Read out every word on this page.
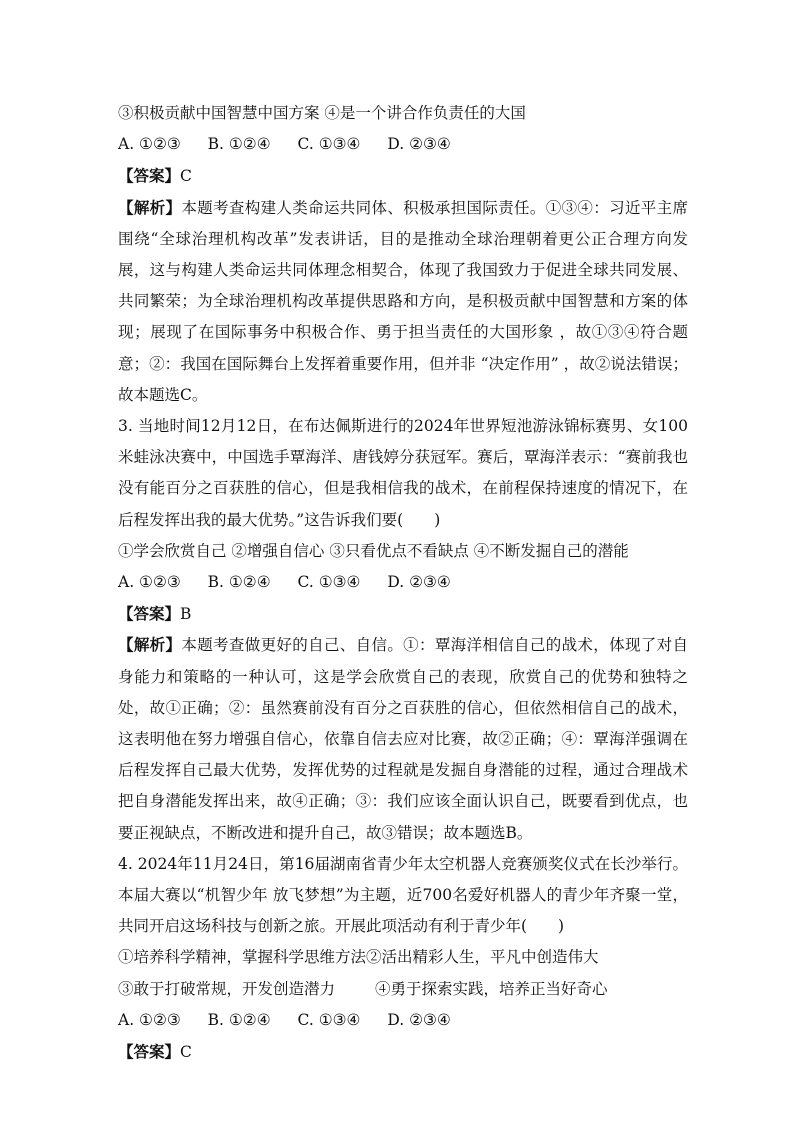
③积极贡献中国智慧中国方案 ④是一个讲合作负责任的大国
A. ①②③ B. ①②④ C. ①③④ D. ②③④
【答案】C
【解析】本题考查构建人类命运共同体、积极承担国际责任。①③④：习近平主席围绕“全球治理机构改革”发表讲话，目的是推动全球治理朝着更公正合理方向发展，这与构建人类命运共同体理念相契合，体现了我国致力于促进全球共同发展、共同繁荣；为全球治理机构改革提供思路和方向，是积极贡献中国智慧和方案的体现；展现了在国际事务中积极合作、勇于担当责任的大国形象 ，故①③④符合题意；②：我国在国际舞台上发挥着重要作用，但并非 “决定作用” ，故②说法错误；故本题选C。
3. 当地时间12月12日，在布达佩斯进行的2024年世界短池游泳锦标赛男、女100 米蛙泳决赛中，中国选手覃海洋、唐钱婷分获冠军。赛后，覃海洋表示：“赛前我也没有能百分之百获胜的信心，但是我相信我的战术，在前程保持速度的情况下，在后程发挥出我的最大优势。”这告诉我们要(　　)
①学会欣赏自己 ②增强自信心 ③只看优点不看缺点 ④不断发掘自己的潜能
A. ①②③ B. ①②④ C. ①③④ D. ②③④
【答案】B
【解析】本题考查做更好的自己、自信。①：覃海洋相信自己的战术，体现了对自身能力和策略的一种认可，这是学会欣赏自己的表现，欣赏自己的优势和独特之处，故①正确；②：虽然赛前没有百分之百获胜的信心，但依然相信自己的战术，这表明他在努力增强自信心，依靠自信去应对比赛，故②正确；④：覃海洋强调在后程发挥自己最大优势，发挥优势的过程就是发掘自身潜能的过程，通过合理战术把自身潜能发挥出来，故④正确；③：我们应该全面认识自己，既要看到优点，也要正视缺点，不断改进和提升自己，故③错误；故本题选B。
4. 2024年11月24日，第16届湖南省青少年太空机器人竞赛颁奖仪式在长沙举行。本届大赛以“机智少年 放飞梦想”为主题，近700名爱好机器人的青少年齐聚一堂，共同开启这场科技与创新之旅。开展此项活动有利于青少年(　　)
①培养科学精神，掌握科学思维方法②活出精彩人生，平凡中创造伟大
③敢于打破常规，开发创造潜力	④勇于探索实践，培养正当好奇心
A. ①②③ B. ①②④ C. ①③④ D. ②③④
【答案】C
